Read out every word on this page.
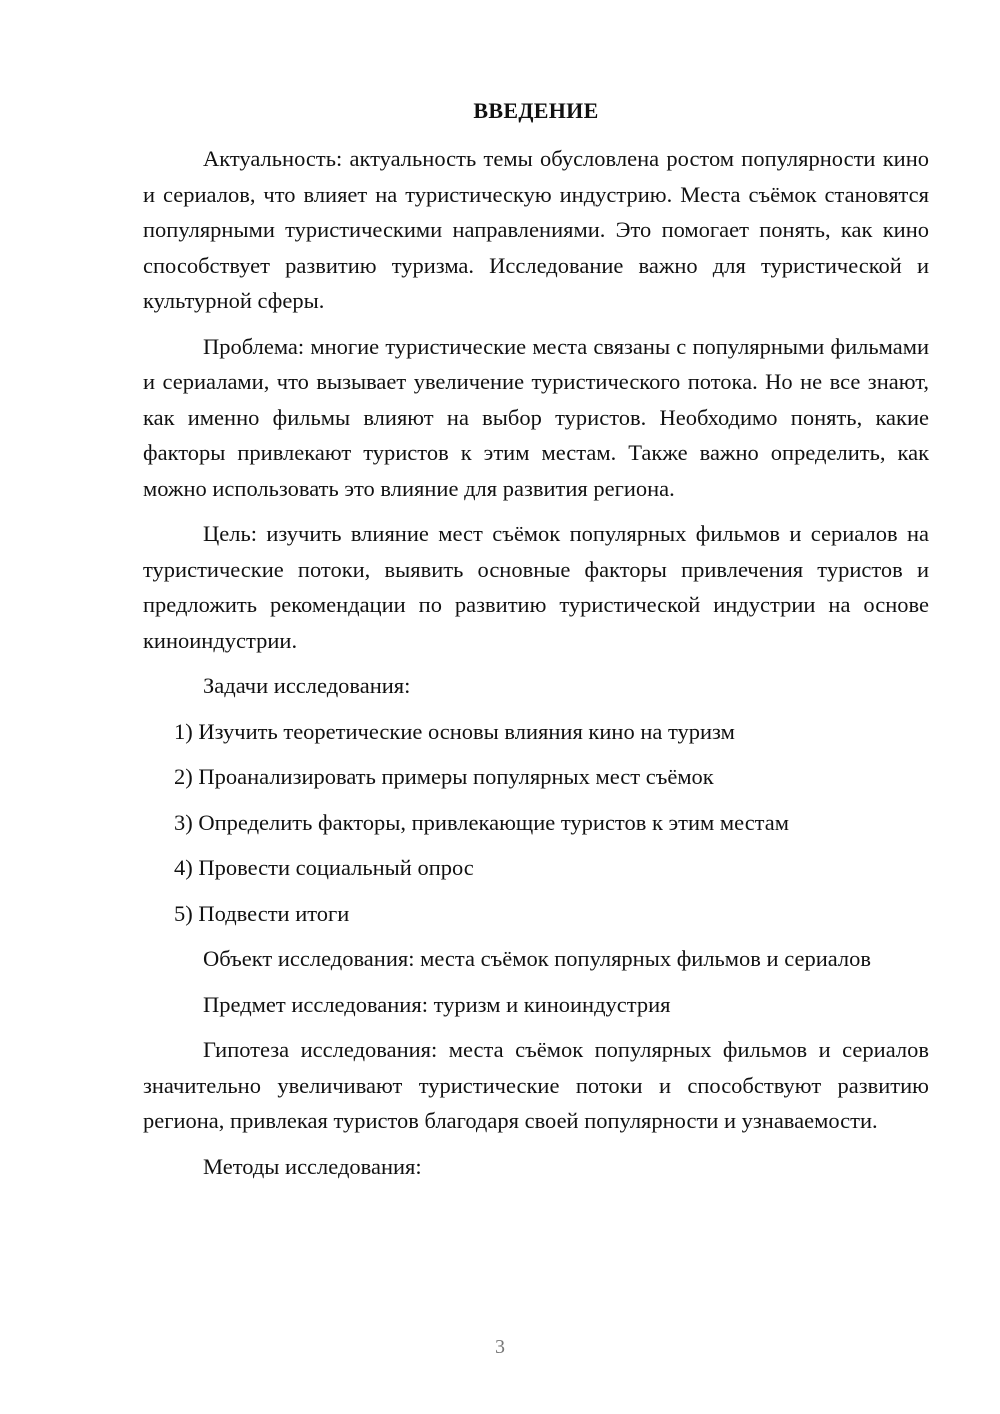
ВВЕДЕНИЕ

Актуальность: актуальность темы обусловлена ростом популярности кино и сериалов, что влияет на туристическую индустрию. Места съёмок становятся популярными туристическими направлениями. Это помогает понять, как кино способствует развитию туризма. Исследование важно для туристической и культурной сферы.

Проблема: многие туристические места связаны с популярными фильмами и сериалами, что вызывает увеличение туристического потока. Но не все знают, как именно фильмы влияют на выбор туристов. Необходимо понять, какие факторы привлекают туристов к этим местам. Также важно определить, как можно использовать это влияние для развития региона.

Цель: изучить влияние мест съёмок популярных фильмов и сериалов на туристические потоки, выявить основные факторы привлечения туристов и предложить рекомендации по развитию туристической индустрии на основе киноиндустрии.

Задачи исследования:

1) Изучить теоретические основы влияния кино на туризм
2) Проанализировать примеры популярных мест съёмок
3) Определить факторы, привлекающие туристов к этим местам
4) Провести социальный опрос
5) Подвести итоги

Объект исследования: места съёмок популярных фильмов и сериалов

Предмет исследования: туризм и киноиндустрия

Гипотеза исследования: места съёмок популярных фильмов и сериалов значительно увеличивают туристические потоки и способствуют развитию региона, привлекая туристов благодаря своей популярности и узнаваемости.

Методы исследования:

3
